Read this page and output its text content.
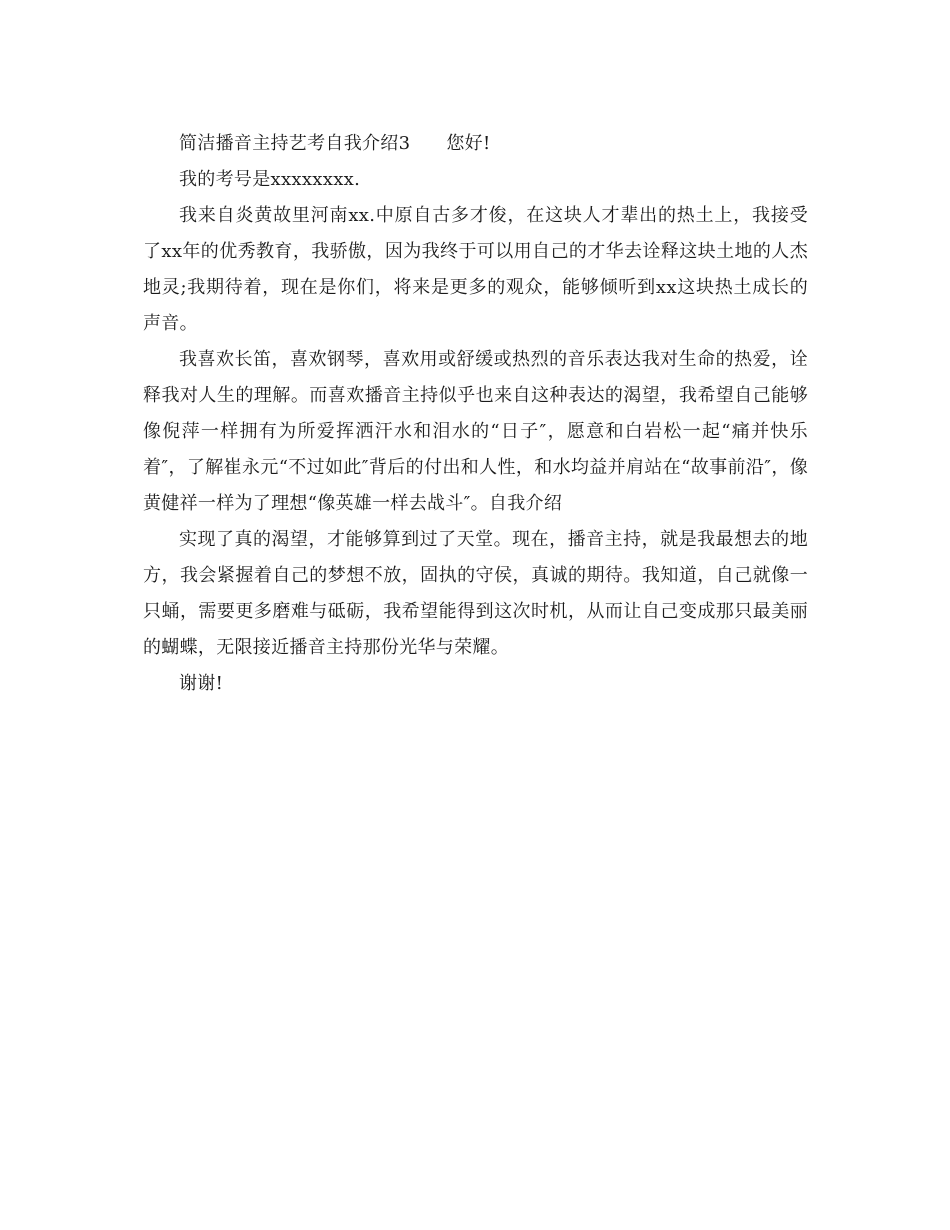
简洁播音主持艺考自我介绍3 您好!

我的考号是xxxxxxxx.

我来自炎黄故里河南xx.中原自古多才俊，在这块人才辈出的热土上，我接受了xx年的优秀教育，我骄傲，因为我终于可以用自己的才华去诠释这块土地的人杰地灵;我期待着，现在是你们，将来是更多的观众，能够倾听到xx这块热土成长的声音。

我喜欢长笛，喜欢钢琴，喜欢用或舒缓或热烈的音乐表达我对生命的热爱，诠释我对人生的理解。而喜欢播音主持似乎也来自这种表达的渴望，我希望自己能够像倪萍一样拥有为所爱挥洒汗水和泪水的“日子″，愿意和白岩松一起“痛并快乐着″，了解崔永元“不过如此″背后的付出和人性，和水均益并肩站在“故事前沿″，像黄健祥一样为了理想“像英雄一样去战斗″。自我介绍

实现了真的渴望，才能够算到过了天堂。现在，播音主持，就是我最想去的地方，我会紧握着自己的梦想不放，固执的守侯，真诚的期待。我知道，自己就像一只蛹，需要更多磨难与砥砺，我希望能得到这次时机，从而让自己变成那只最美丽的蝴蝶，无限接近播音主持那份光华与荣耀。

谢谢!
